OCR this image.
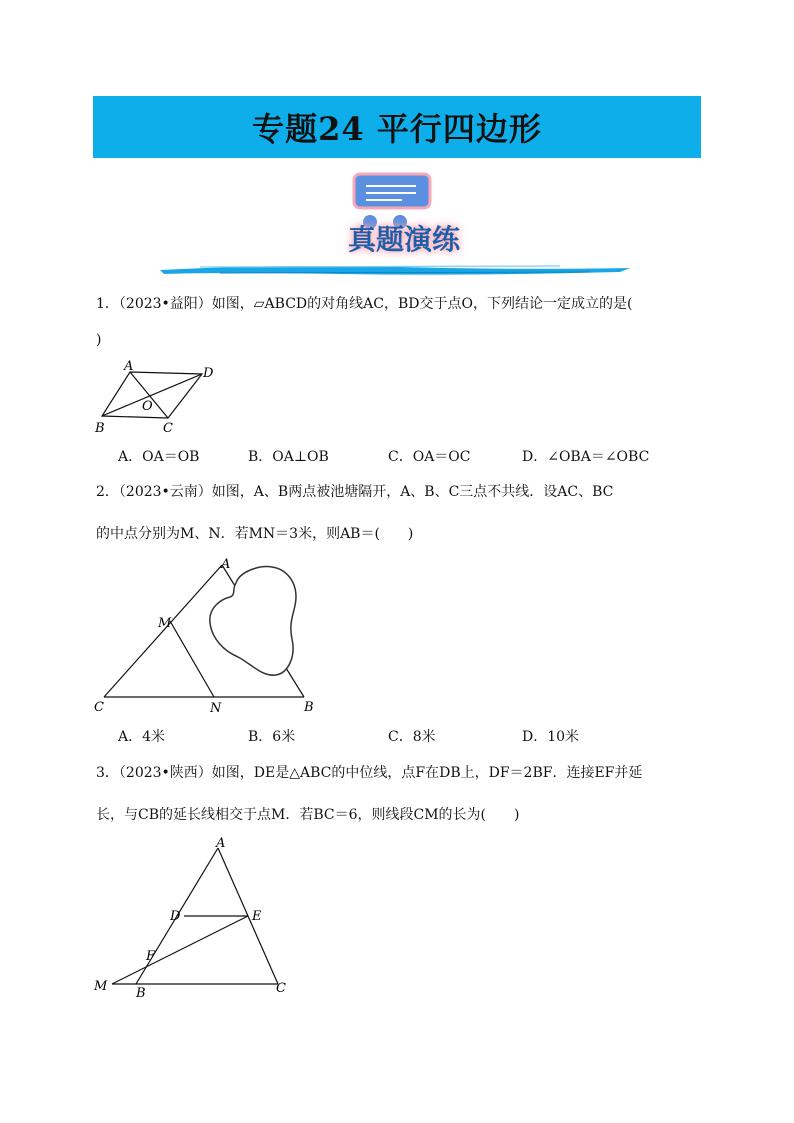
专题24 平行四边形
真题演练
1．（2023•益阳）如图，▱ABCD的对角线AC，BD交于点O，下列结论一定成立的是(
)
A	D
O
B	C
A．OA＝OB	B．OA⊥OB	C．OA＝OC	D．∠OBA＝∠OBC
2．（2023•云南）如图，A、B两点被池塘隔开，A、B、C三点不共线．设AC、BC
的中点分别为M、N．若MN＝3米，则AB＝(　　)
A
M
C	N	B
A．4米	B．6米	C．8米	D．10米
3．（2023•陕西）如图，DE是△ABC的中位线，点F在DB上，DF＝2BF．连接EF并延
长，与CB的延长线相交于点M．若BC＝6，则线段CM的长为(　　)
A
D	E
F
M B	C
